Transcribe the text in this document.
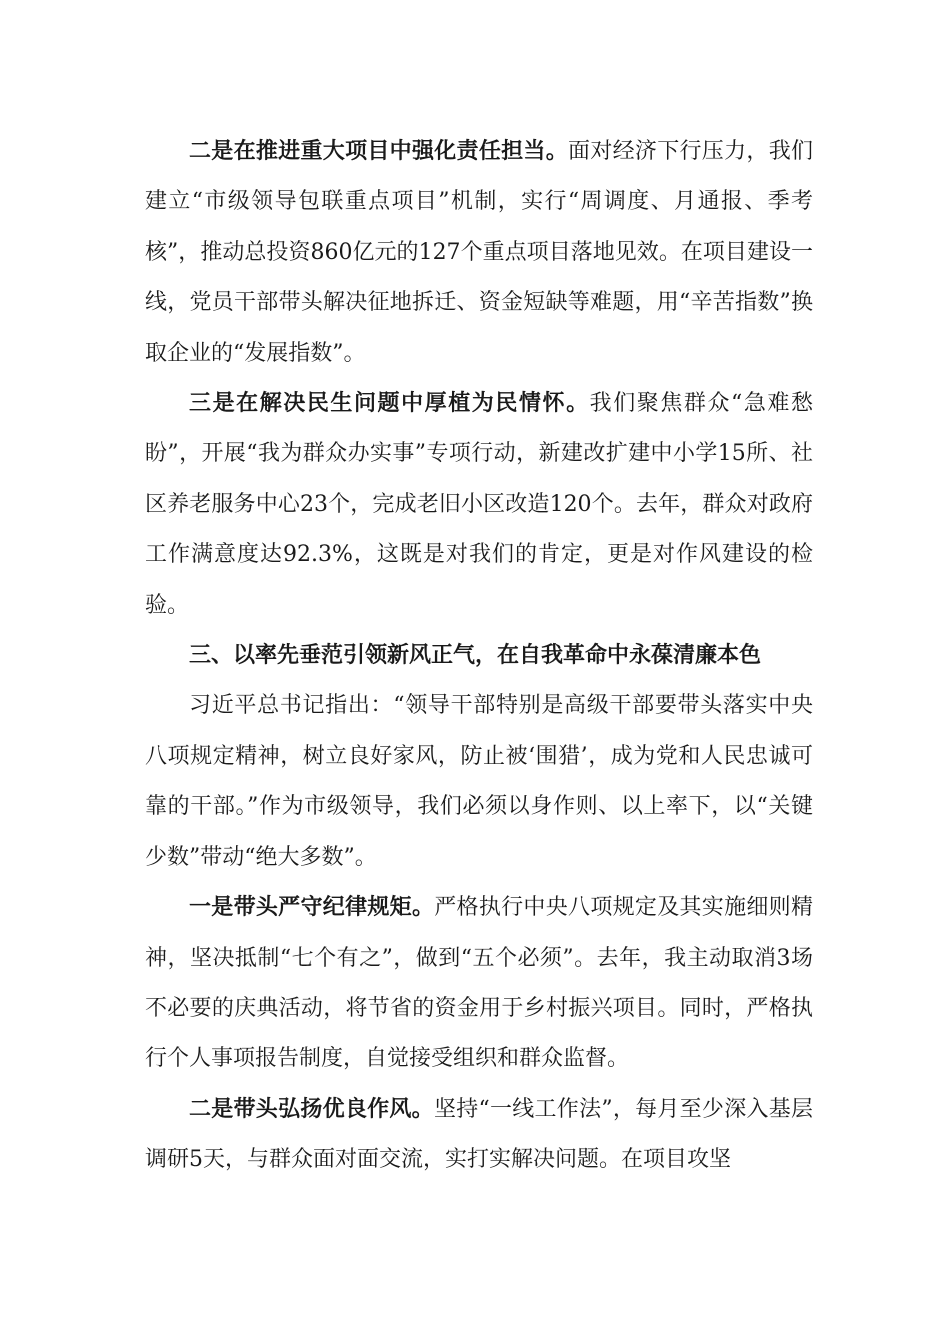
二是在推进重大项目中强化责任担当。面对经济下行压力，我们建立“市级领导包联重点项目”机制，实行“周调度、月通报、季考核”，推动总投资860亿元的127个重点项目落地见效。在项目建设一线，党员干部带头解决征地拆迁、资金短缺等难题，用“辛苦指数”换取企业的“发展指数”。

三是在解决民生问题中厚植为民情怀。我们聚焦群众“急难愁盼”，开展“我为群众办实事”专项行动，新建改扩建中小学15所、社区养老服务中心23个，完成老旧小区改造120个。去年，群众对政府工作满意度达92.3%，这既是对我们的肯定，更是对作风建设的检验。

三、以率先垂范引领新风正气，在自我革命中永葆清廉本色

习近平总书记指出：“领导干部特别是高级干部要带头落实中央八项规定精神，树立良好家风，防止被‘围猎’，成为党和人民忠诚可靠的干部。”作为市级领导，我们必须以身作则、以上率下，以“关键少数”带动“绝大多数”。

一是带头严守纪律规矩。严格执行中央八项规定及其实施细则精神，坚决抵制“七个有之”，做到“五个必须”。去年，我主动取消3场不必要的庆典活动，将节省的资金用于乡村振兴项目。同时，严格执行个人事项报告制度，自觉接受组织和群众监督。

二是带头弘扬优良作风。坚持“一线工作法”，每月至少深入基层调研5天，与群众面对面交流，实打实解决问题。在项目攻坚
